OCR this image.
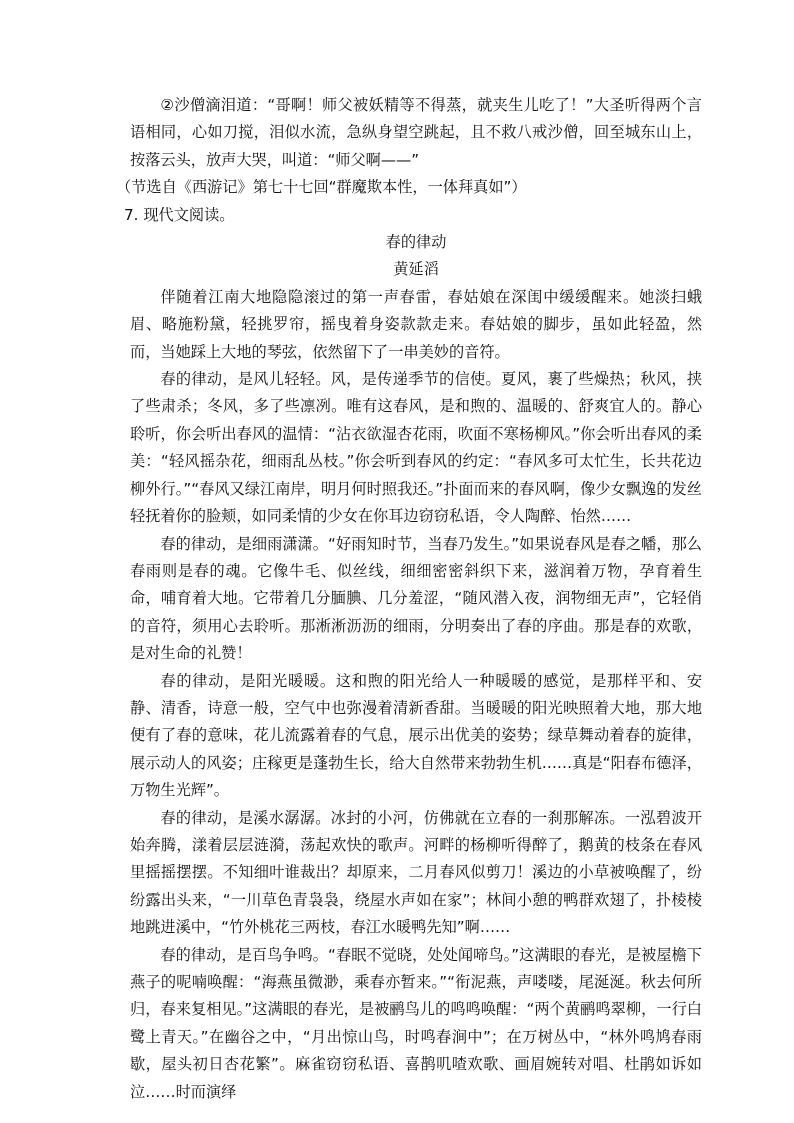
②沙僧滴泪道：“哥啊！师父被妖精等不得蒸，就夹生儿吃了！”大圣听得两个言语相同，心如刀搅，泪似水流，急纵身望空跳起，且不救八戒沙僧，回至城东山上，按落云头，放声大哭，叫道：“师父啊——”

（节选自《西游记》第七十七回“群魔欺本性，一体拜真如”）

7. 现代文阅读。

春的律动

黄延滔

伴随着江南大地隐隐滚过的第一声春雷，春姑娘在深闺中缓缓醒来。她淡扫蛾眉、略施粉黛，轻挑罗帘，摇曳着身姿款款走来。春姑娘的脚步，虽如此轻盈，然而，当她踩上大地的琴弦，依然留下了一串美妙的音符。

春的律动，是风儿轻轻。风，是传递季节的信使。夏风，裹了些燥热；秋风，挟了些肃杀；冬风，多了些凛冽。唯有这春风，是和煦的、温暖的、舒爽宜人的。静心聆听，你会听出春风的温情：“沾衣欲湿杏花雨，吹面不寒杨柳风。”你会听出春风的柔美：“轻风摇杂花，细雨乱丛枝。”你会听到春风的约定：“春风多可太忙生，长共花边柳外行。”“春风又绿江南岸，明月何时照我还。”扑面而来的春风啊，像少女飘逸的发丝轻抚着你的脸颊，如同柔情的少女在你耳边窃窃私语，令人陶醉、怡然……

春的律动，是细雨潇潇。“好雨知时节，当春乃发生。”如果说春风是春之幡，那么春雨则是春的魂。它像牛毛、似丝线，细细密密斜织下来，滋润着万物，孕育着生命，哺育着大地。它带着几分腼腆、几分羞涩，“随风潜入夜，润物细无声”，它轻俏的音符，须用心去聆听。那淅淅沥沥的细雨，分明奏出了春的序曲。那是春的欢歌，是对生命的礼赞！

春的律动，是阳光暖暖。这和煦的阳光给人一种暖暖的感觉，是那样平和、安静、清香，诗意一般，空气中也弥漫着清新香甜。当暖暖的阳光映照着大地，那大地便有了春的意味，花儿流露着春的气息，展示出优美的姿势；绿草舞动着春的旋律，展示动人的风姿；庄稼更是蓬勃生长，给大自然带来勃勃生机……真是“阳春布德泽，万物生光辉”。

春的律动，是溪水潺潺。冰封的小河，仿佛就在立春的一刹那解冻。一泓碧波开始奔腾，漾着层层涟漪，荡起欢快的歌声。河畔的杨柳听得醉了，鹅黄的枝条在春风里摇摇摆摆。不知细叶谁裁出？却原来，二月春风似剪刀！溪边的小草被唤醒了，纷纷露出头来，“一川草色青袅袅，绕屋水声如在家”；林间小憩的鸭群欢翅了，扑棱棱地跳进溪中，“竹外桃花三两枝，春江水暖鸭先知”啊……

春的律动，是百鸟争鸣。“春眠不觉晓，处处闻啼鸟。”这满眼的春光，是被屋檐下燕子的呢喃唤醒：“海燕虽微渺，乘春亦暂来。”“衔泥燕，声喽喽，尾涎涎。秋去何所归，春来复相见。”这满眼的春光，是被鹂鸟儿的鸣鸣唤醒：“两个黄鹂鸣翠柳，一行白鹭上青天。”在幽谷之中，“月出惊山鸟，时鸣春涧中”；在万树丛中，“林外鸣鸠春雨歇，屋头初日杏花繁”。麻雀窃窃私语、喜鹊叽喳欢歌、画眉婉转对唱、杜鹃如诉如泣……时而演绎
